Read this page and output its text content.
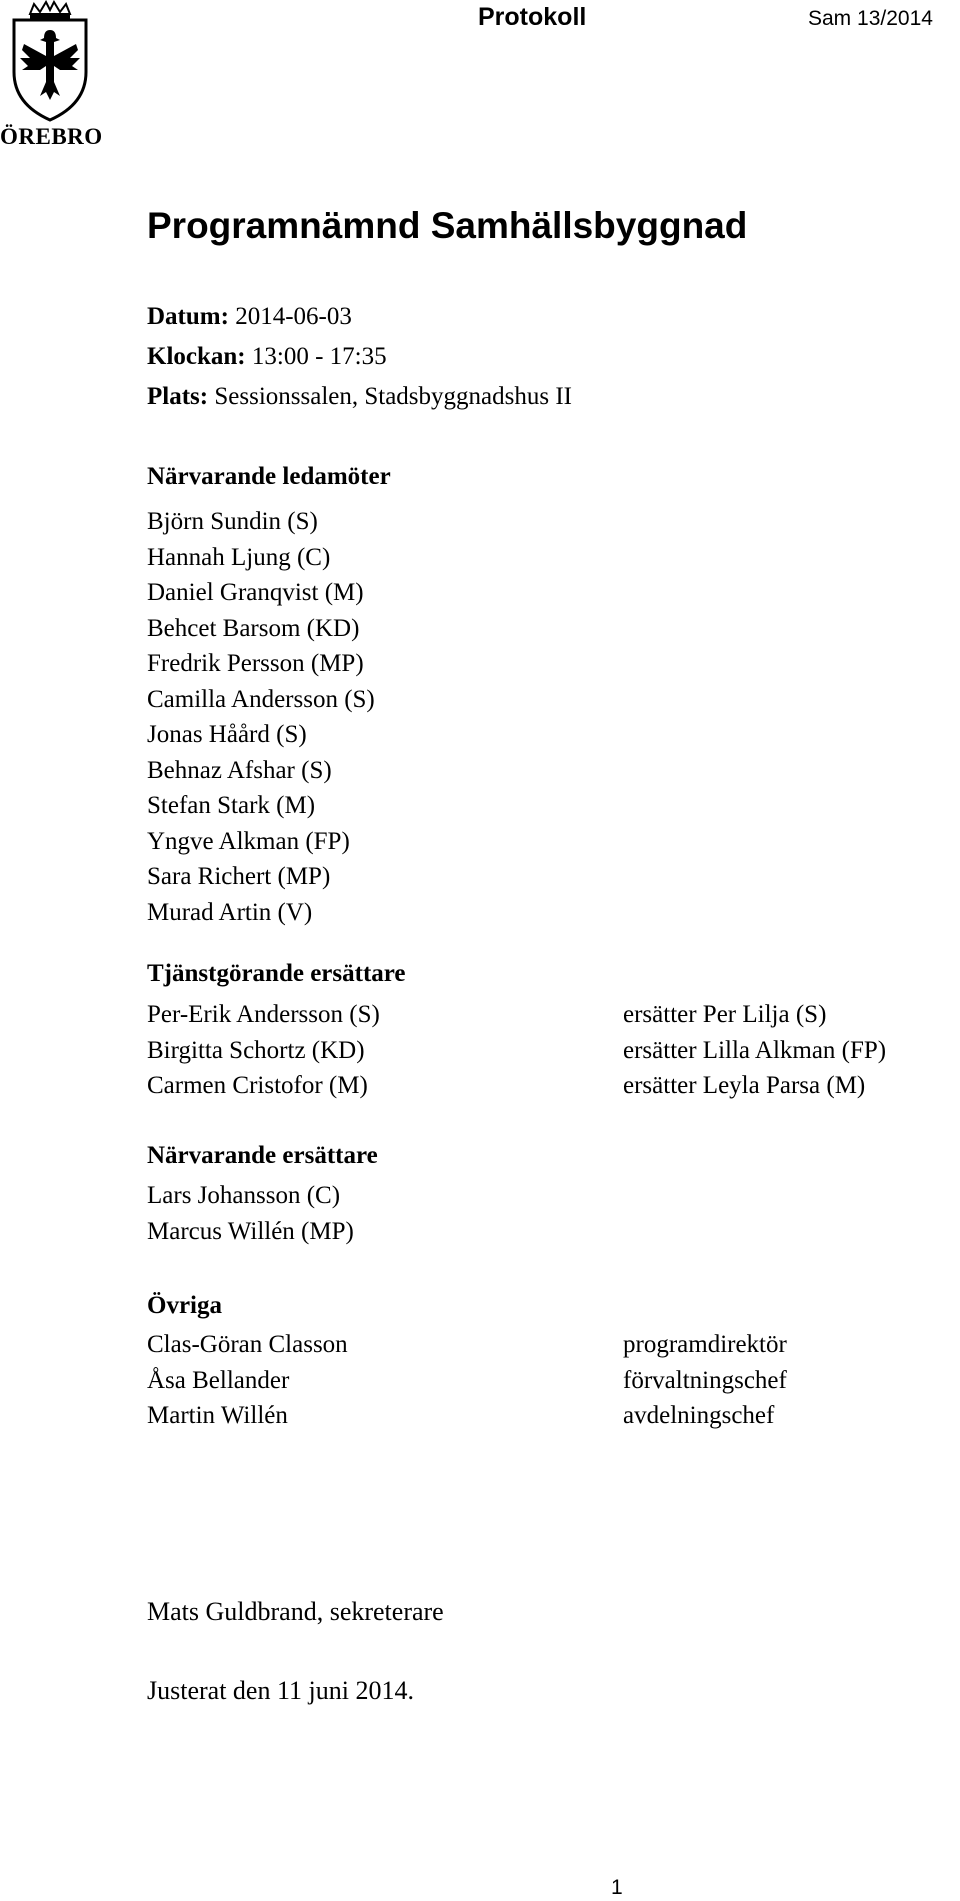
Protokoll	Sam 13/2014
ÖREBRO
Programnämnd Samhällsbyggnad
Datum: 2014-06-03
Klockan: 13:00 - 17:35
Plats: Sessionssalen, Stadsbyggnadshus II
Närvarande ledamöter
Björn Sundin (S)
Hannah Ljung (C)
Daniel Granqvist (M)
Behcet Barsom (KD)
Fredrik Persson (MP)
Camilla Andersson (S)
Jonas Håård (S)
Behnaz Afshar (S)
Stefan Stark (M)
Yngve Alkman (FP)
Sara Richert (MP)
Murad Artin (V)
Tjänstgörande ersättare
Per-Erik Andersson (S)
Birgitta Schortz (KD)
Carmen Cristofor (M)
ersätter Per Lilja (S)
ersätter Lilla Alkman (FP)
ersätter Leyla Parsa (M)
Närvarande ersättare
Lars Johansson (C)
Marcus Willén (MP)
Övriga
Clas-Göran Classon
Åsa Bellander
Martin Willén
programdirektör
förvaltningschef
avdelningschef
Mats Guldbrand, sekreterare
Justerat den 11 juni 2014.
1
